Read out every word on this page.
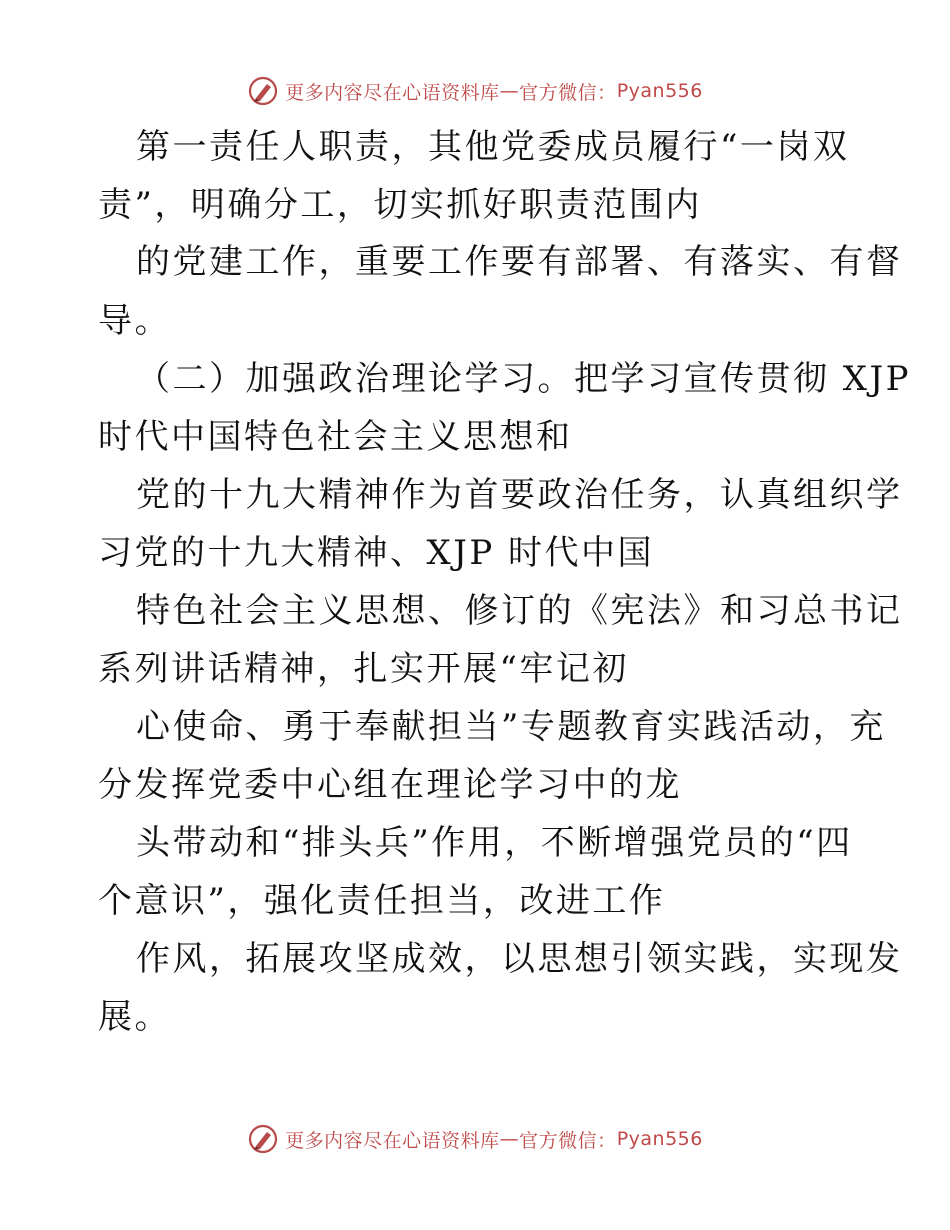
更多内容尽在心语资料库 — 官方微信： Pyan556
第一责任人职责，其他党委成员履行“一岗双
责”，明确分工，切实抓好职责范围内
的党建工作，重要工作要有部署、有落实、有督
导。
（二）加强政治理论学习。把学习宣传贯彻 XJP
时代中国特色社会主义思想和
党的十九大精神作为首要政治任务，认真组织学
习党的十九大精神、XJP 时代中国
特色社会主义思想、修订的《宪法》和习总书记
系列讲话精神，扎实开展“牢记初
心使命、勇于奉献担当”专题教育实践活动，充
分发挥党委中心组在理论学习中的龙
头带动和“排头兵”作用，不断增强党员的“四
个意识”，强化责任担当，改进工作
作风，拓展攻坚成效，以思想引领实践，实现发
展。
更多内容尽在心语资料库 — 官方微信： Pyan556
